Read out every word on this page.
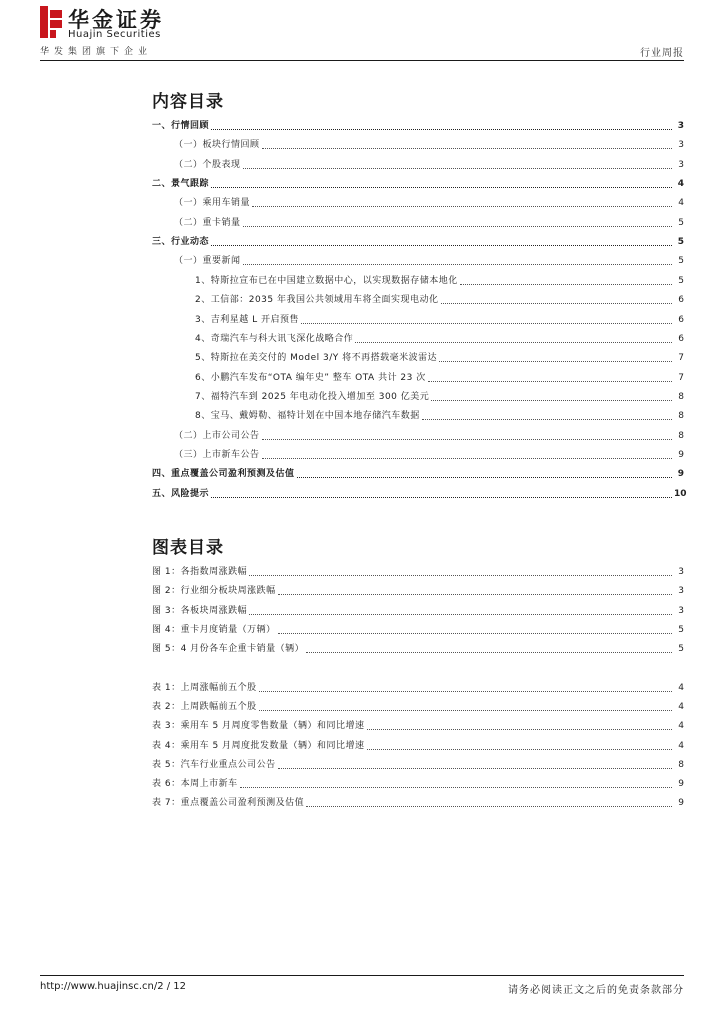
华金证券
Huajin Securities
华发集团旗下企业	行业周报
内容目录
一、行情回顾	3
（一）板块行情回顾	3
（二）个股表现	3
二、景气跟踪	4
（一）乘用车销量	4
（二）重卡销量	5
三、行业动态	5
（一）重要新闻	5
1、特斯拉宣布已在中国建立数据中心，以实现数据存储本地化	5
2、工信部：2035 年我国公共领域用车将全面实现电动化	6
3、吉利星越 L 开启预售	6
4、奇瑞汽车与科大讯飞深化战略合作	6
5、特斯拉在美交付的 Model 3/Y 将不再搭载毫米波雷达	7
6、小鹏汽车发布“OTA 编年史” 整车 OTA 共计 23 次	7
7、福特汽车到 2025 年电动化投入增加至 300 亿美元	8
8、宝马、戴姆勒、福特计划在中国本地存储汽车数据	8
（二）上市公司公告	8
（三）上市新车公告	9
四、重点覆盖公司盈利预测及估值	9
五、风险提示	10
图表目录
图 1：各指数周涨跌幅	3
图 2：行业细分板块周涨跌幅	3
图 3：各板块周涨跌幅	3
图 4：重卡月度销量（万辆）	5
图 5：4 月份各车企重卡销量（辆）	5
表 1：上周涨幅前五个股	4
表 2：上周跌幅前五个股	4
表 3：乘用车 5 月周度零售数量（辆）和同比增速	4
表 4：乘用车 5 月周度批发数量（辆）和同比增速	4
表 5：汽车行业重点公司公告	8
表 6：本周上市新车	9
表 7：重点覆盖公司盈利预测及估值	9
http://www.huajinsc.cn/2 / 12	请务必阅读正文之后的免责条款部分
